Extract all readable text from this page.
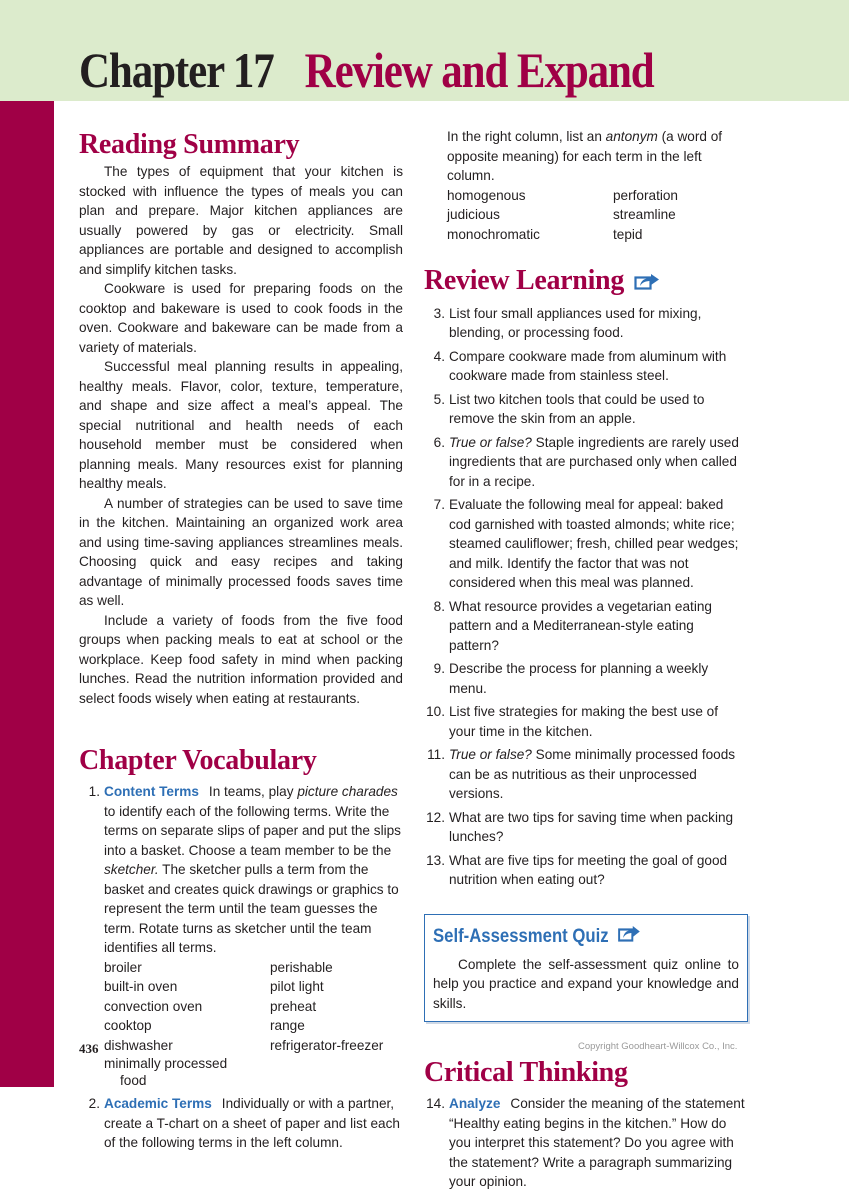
Chapter 17 Review and Expand
Reading Summary

The types of equipment that your kitchen is stocked with influence the types of meals you can plan and prepare. Major kitchen appliances are usually powered by gas or electricity. Small appliances are portable and designed to accomplish and simplify kitchen tasks.

Cookware is used for preparing foods on the cooktop and bakeware is used to cook foods in the oven. Cookware and bakeware can be made from a variety of materials.

Successful meal planning results in appealing, healthy meals. Flavor, color, texture, temperature, and shape and size affect a meal’s appeal. The special nutritional and health needs of each household member must be considered when planning meals. Many resources exist for planning healthy meals.

A number of strategies can be used to save time in the kitchen. Maintaining an organized work area and using time-saving appliances streamlines meals. Choosing quick and easy recipes and taking advantage of minimally processed foods saves time as well.

Include a variety of foods from the five food groups when packing meals to eat at school or the workplace. Keep food safety in mind when packing lunches. Read the nutrition information provided and select foods wisely when eating at restaurants.

Chapter Vocabulary
1. Content Terms In teams, play picture charades to identify each of the following terms. Write the terms on separate slips of paper and put the slips into a basket. Choose a team member to be the sketcher. The sketcher pulls a term from the basket and creates quick drawings or graphics to represent the term until the team guesses the term. Rotate turns as sketcher until the team identifies all terms.
broiler	perishable
built-in oven	pilot light
convection oven	preheat
cooktop	range
dishwasher	refrigerator-freezer
minimally processed
food
2. Academic Terms Individually or with a partner, create a T-chart on a sheet of paper and list each of the following terms in the left column.
In the right column, list an antonym (a word of opposite meaning) for each term in the left column.
homogenous	perforation
judicious	streamline
monochromatic	tepid
Review Learning
3. List four small appliances used for mixing, blending, or processing food.
4. Compare cookware made from aluminum with cookware made from stainless steel.
5. List two kitchen tools that could be used to remove the skin from an apple.
6. True or false? Staple ingredients are rarely used ingredients that are purchased only when called for in a recipe.
7. Evaluate the following meal for appeal: baked cod garnished with toasted almonds; white rice; steamed cauliflower; fresh, chilled pear wedges; and milk. Identify the factor that was not considered when this meal was planned.
8. What resource provides a vegetarian eating pattern and a Mediterranean-style eating pattern?
9. Describe the process for planning a weekly menu.
10. List five strategies for making the best use of your time in the kitchen.
11. True or false? Some minimally processed foods can be as nutritious as their unprocessed versions.
12. What are two tips for saving time when packing lunches?
13. What are five tips for meeting the goal of good nutrition when eating out?
Self-Assessment Quiz

Complete the self-assessment quiz online to help you practice and expand your knowledge and skills.

Critical Thinking
14. Analyze Consider the meaning of the statement “Healthy eating begins in the kitchen.” How do you interpret this statement? Do you agree with the statement? Write a paragraph summarizing your opinion.
436	Copyright Goodheart-Willcox Co., Inc.
